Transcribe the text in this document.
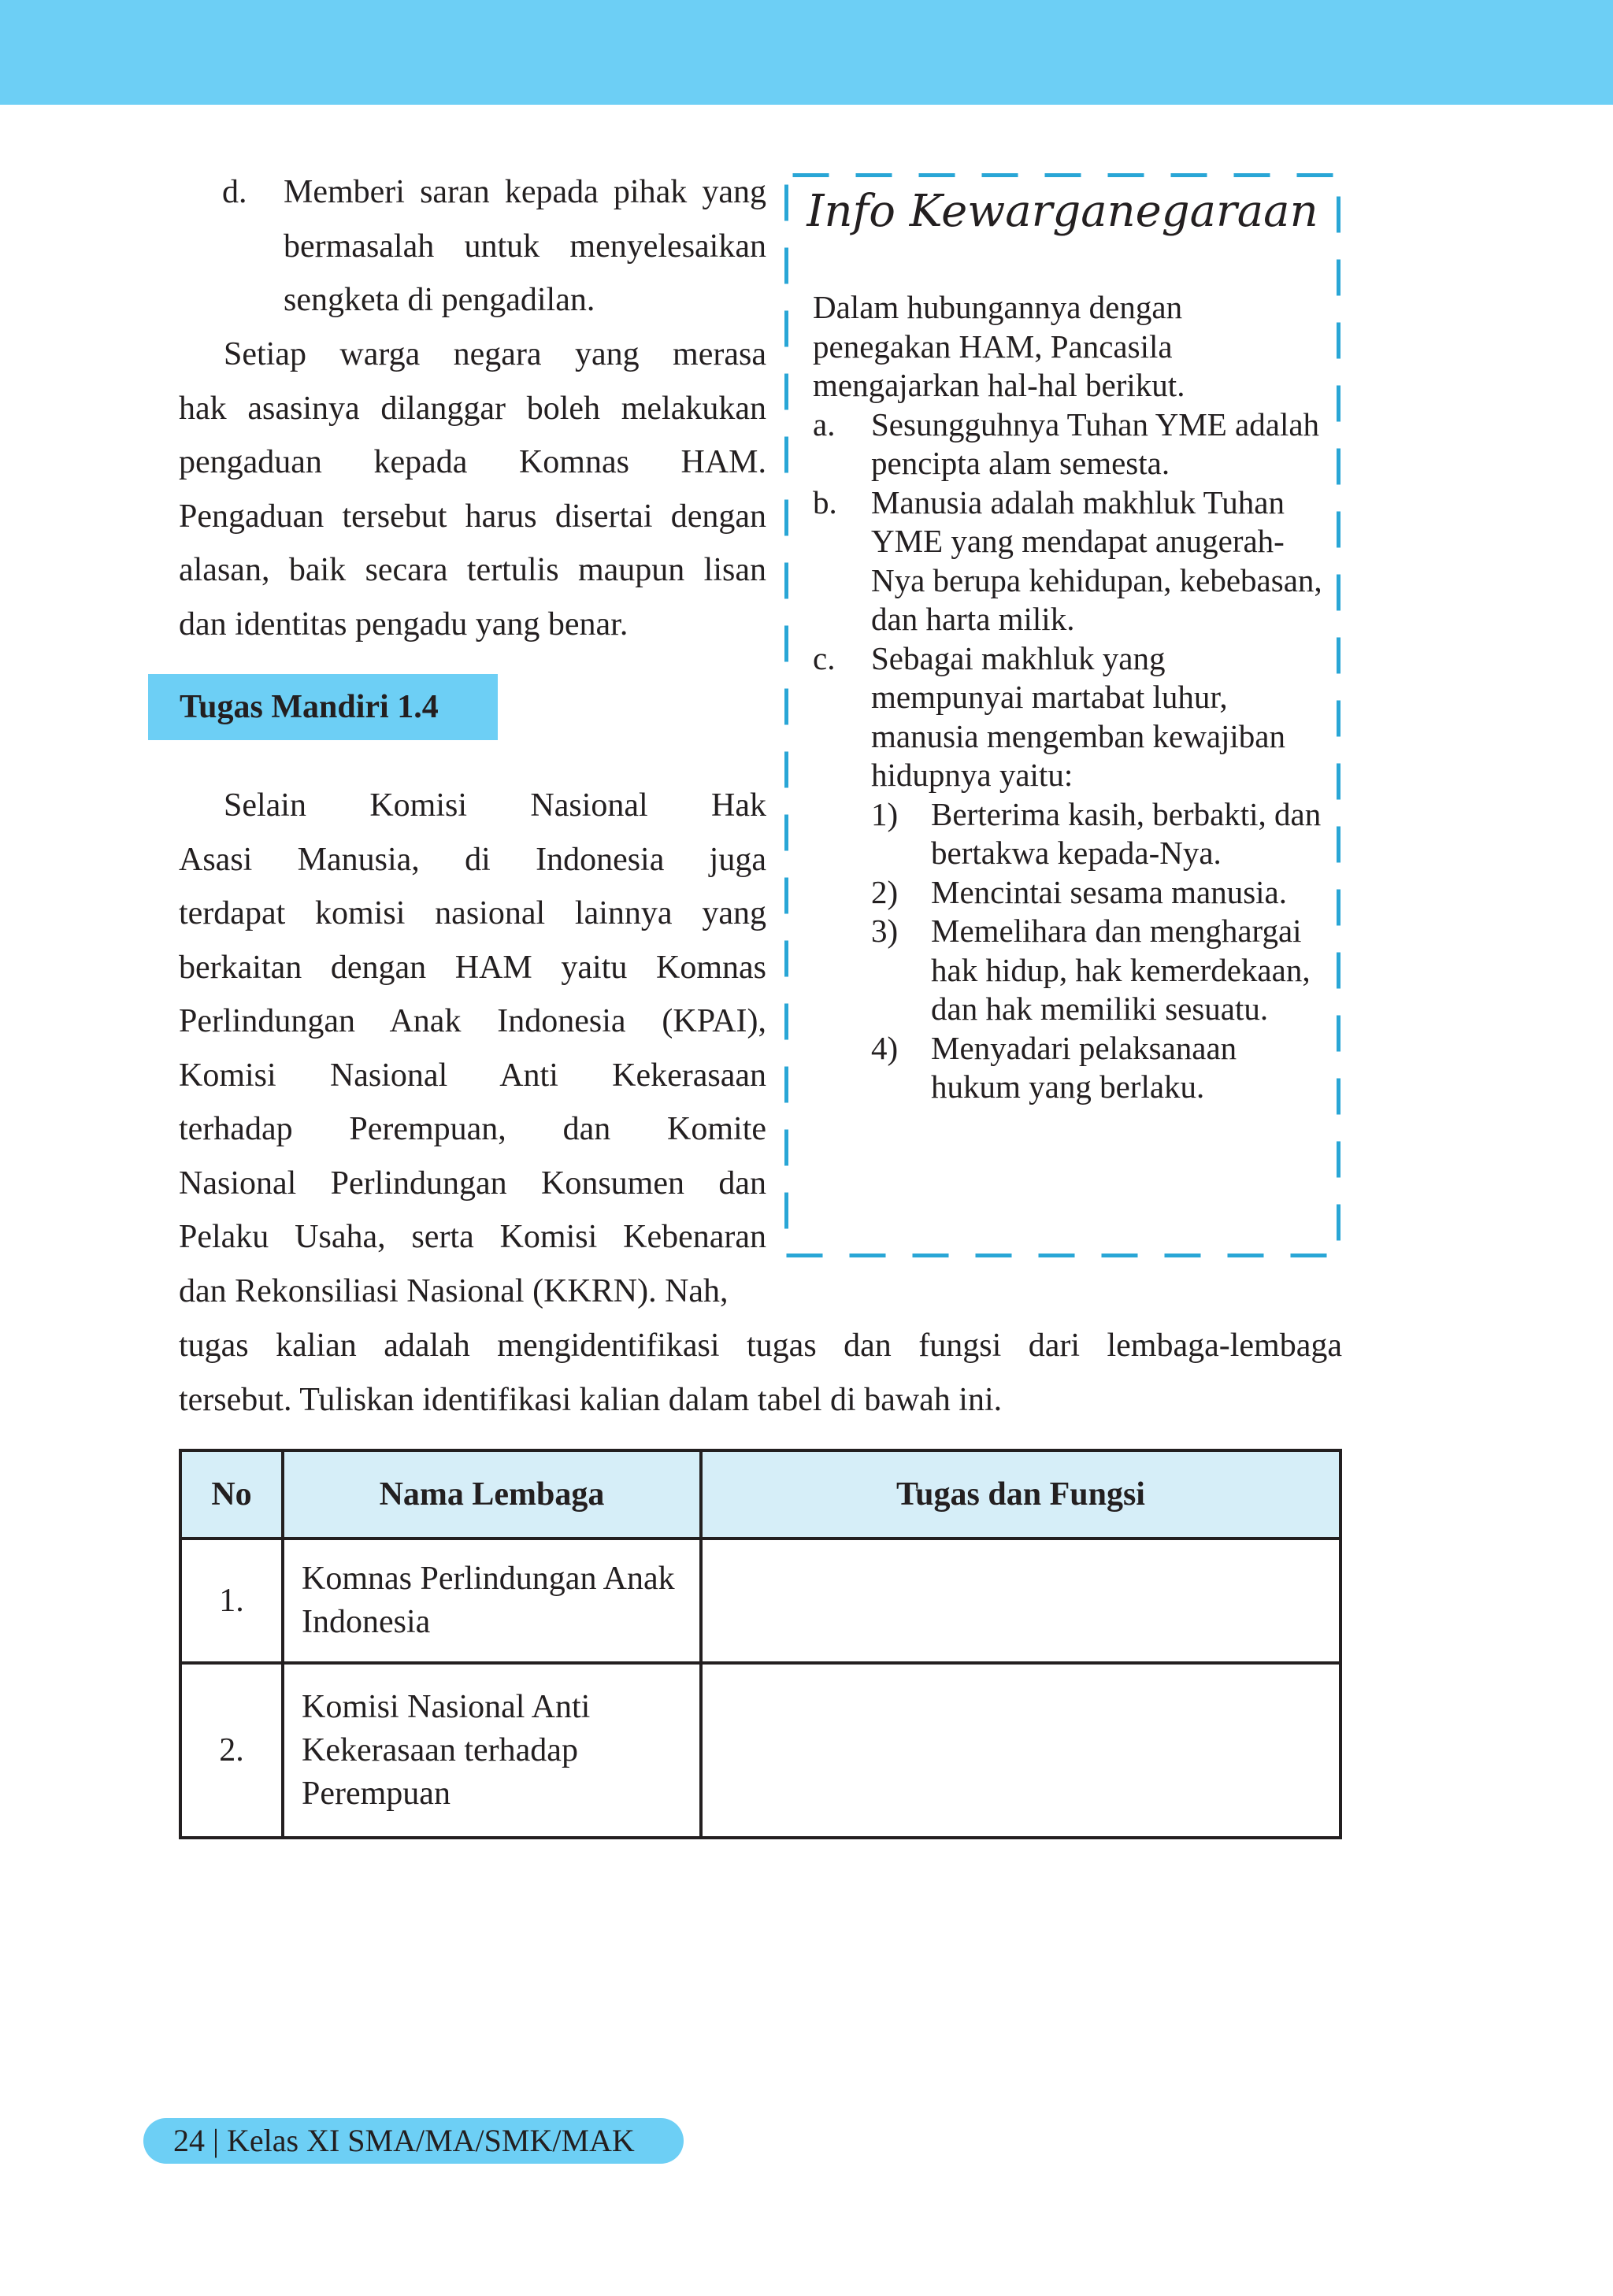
d. Memberi saran kepada pihak yang
bermasalah untuk menyelesaikan
sengketa di pengadilan.
Setiap warga negara yang merasa
hak asasinya dilanggar boleh melakukan
pengaduan kepada Komnas HAM.
Pengaduan tersebut harus disertai dengan
alasan, baik secara tertulis maupun lisan
dan identitas pengadu yang benar.
Tugas Mandiri 1.4
Selain Komisi Nasional Hak
Asasi Manusia, di Indonesia juga
terdapat komisi nasional lainnya yang
berkaitan dengan HAM yaitu Komnas
Perlindungan Anak Indonesia (KPAI),
Komisi Nasional Anti Kekerasaan
terhadap Perempuan, dan Komite
Nasional Perlindungan Konsumen dan
Pelaku Usaha, serta Komisi Kebenaran
dan Rekonsiliasi Nasional (KKRN). Nah,
tugas kalian adalah mengidentifikasi tugas dan fungsi dari lembaga-lembaga
tersebut. Tuliskan identifikasi kalian dalam tabel di bawah ini.
Info Kewarganegaraan

Dalam hubungannya dengan penegakan HAM, Pancasila mengajarkan hal-hal berikut.

a. Sesungguhnya Tuhan YME adalah pencipta alam semesta.
b. Manusia adalah makhluk Tuhan YME yang mendapat anugerah-Nya berupa kehidupan, kebebasan, dan harta milik.
c. Sebagai makhluk yang mempunyai martabat luhur, manusia mengemban kewajiban hidupnya yaitu:
1) Berterima kasih, berbakti, dan bertakwa kepada-Nya.
2) Mencintai sesama manusia.
3) Memelihara dan menghargai hak hidup, hak kemerdekaan, dan hak memiliki sesuatu.
4) Menyadari pelaksanaan hukum yang berlaku.
No	Nama Lembaga	Tugas dan Fungsi
1.	Komnas Perlindungan Anak Indonesia	
2.	Komisi Nasional Anti Kekerasaan terhadap Perempuan	
24 | Kelas XI SMA/MA/SMK/MAK
